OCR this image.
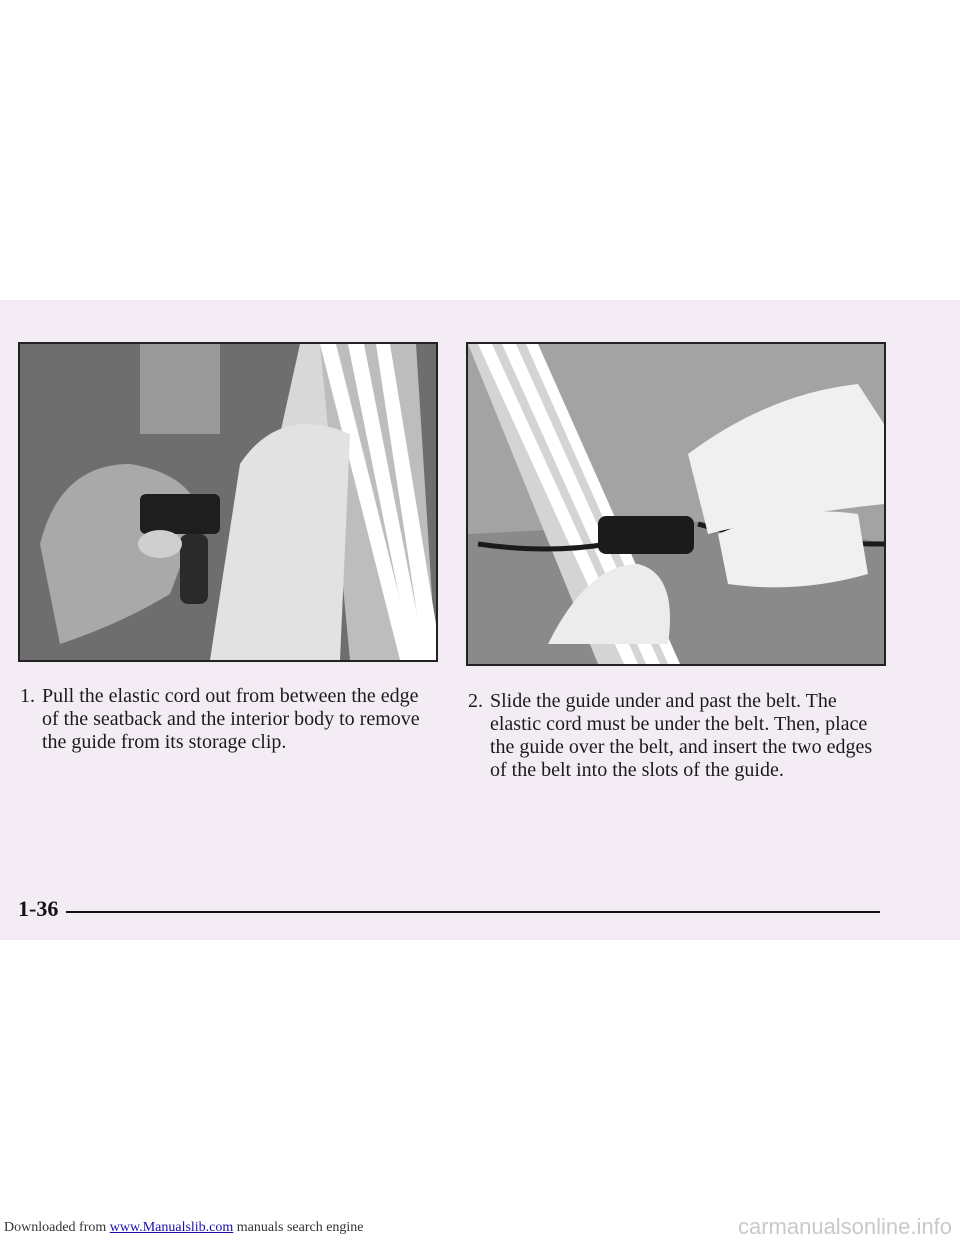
1. Pull the elastic cord out from between the edge of the seatback and the interior body to remove the guide from its storage clip.
2. Slide the guide under and past the belt. The elastic cord must be under the belt. Then, place the guide over the belt, and insert the two edges of the belt into the slots of the guide.
1-36
Downloaded from www.Manualslib.com manuals search engine	carmanualsonline.info
